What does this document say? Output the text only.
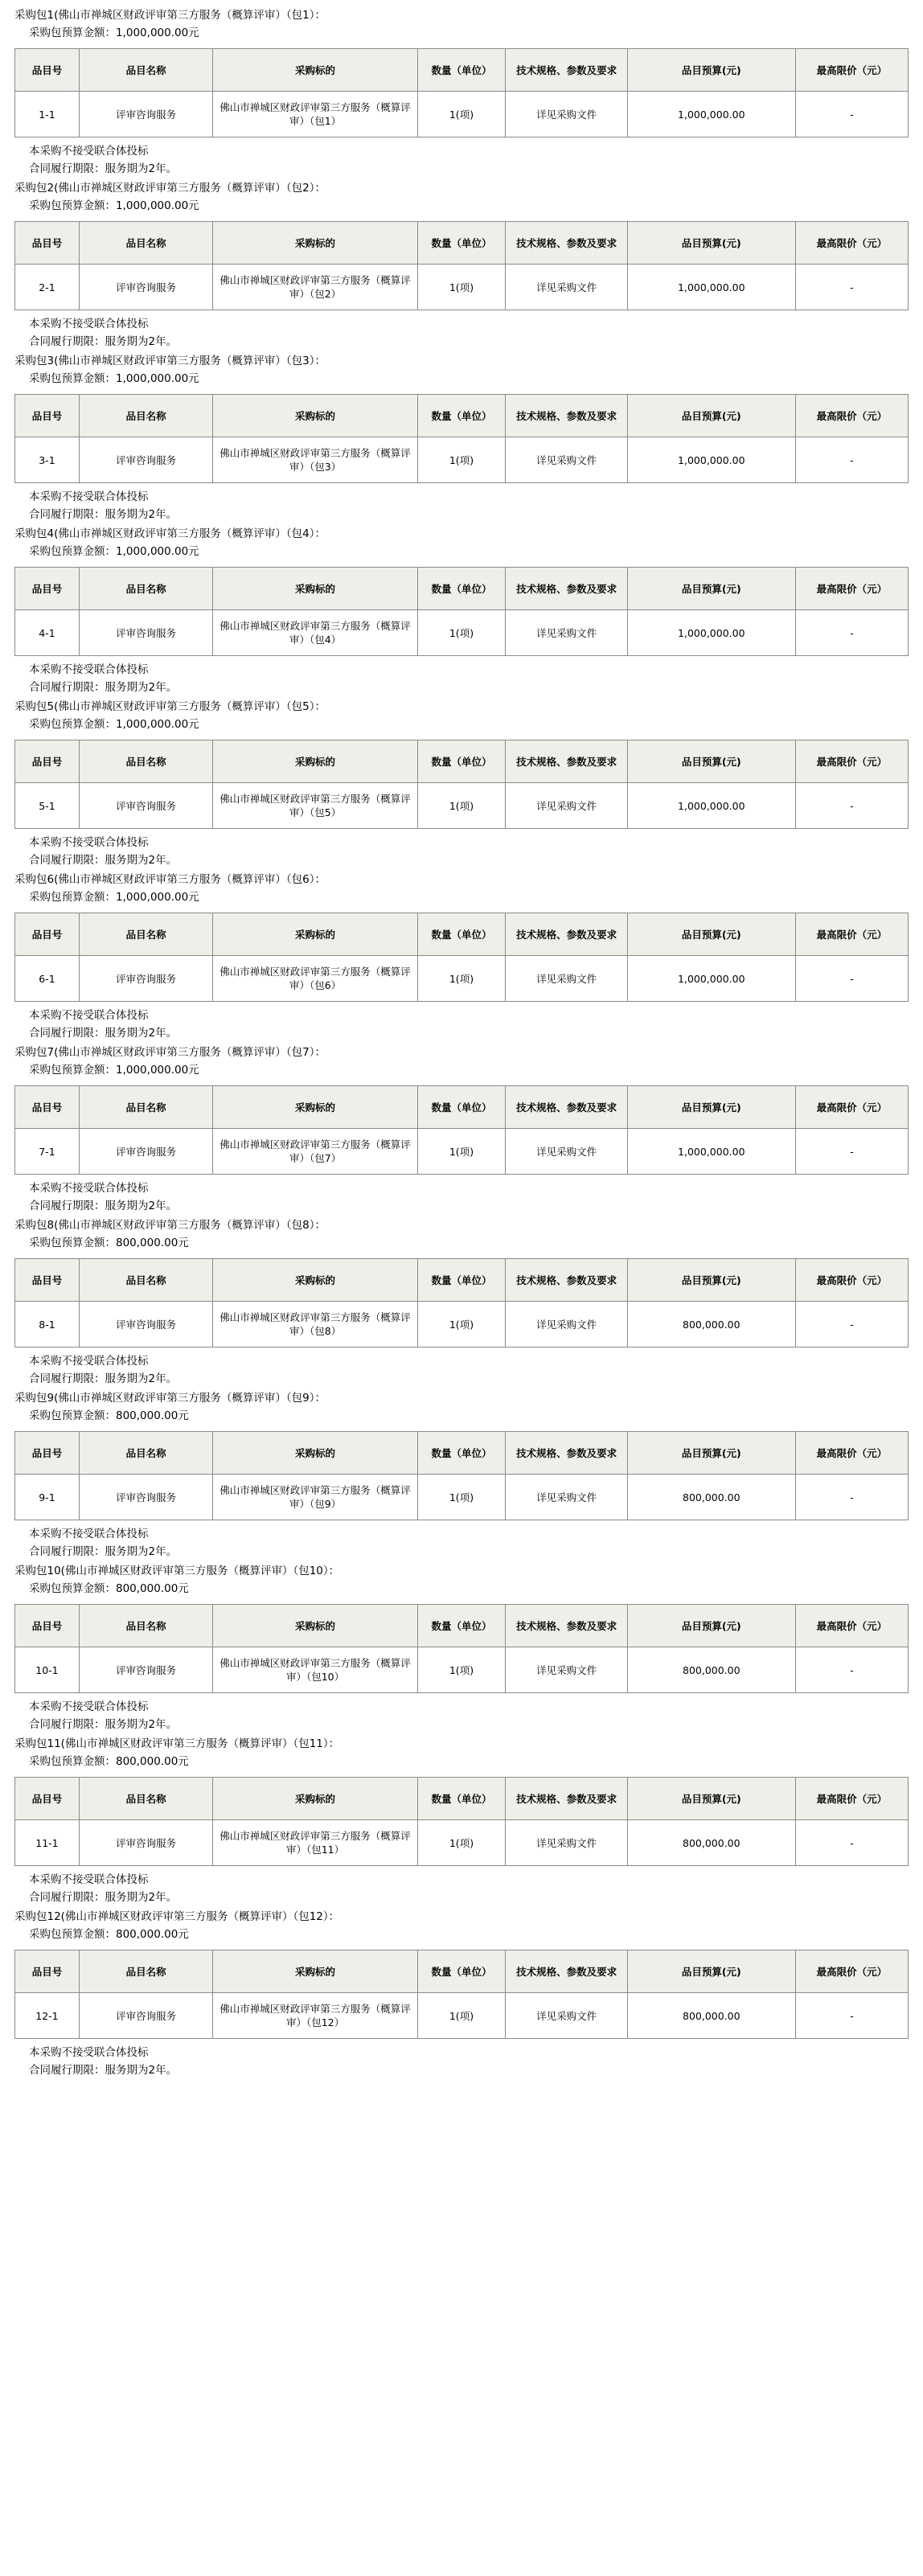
采购包1(佛山市禅城区财政评审第三方服务（概算评审）（包1）：
采购包预算金额：1,000,000.00元
品目号	品目名称	采购标的	数量（单位）	技术规格、参数及要求	品目预算(元)	最高限价（元）
1-1	评审咨询服务	佛山市禅城区财政评审第三方服务（概算评审）（包1）	1(项)	详见采购文件	1,000,000.00	-
本采购不接受联合体投标
合同履行期限：服务期为2年。
采购包2(佛山市禅城区财政评审第三方服务（概算评审）（包2）：
采购包预算金额：1,000,000.00元
品目号	品目名称	采购标的	数量（单位）	技术规格、参数及要求	品目预算(元)	最高限价（元）
2-1	评审咨询服务	佛山市禅城区财政评审第三方服务（概算评审）（包2）	1(项)	详见采购文件	1,000,000.00	-
本采购不接受联合体投标
合同履行期限：服务期为2年。
采购包3(佛山市禅城区财政评审第三方服务（概算评审）（包3）：
采购包预算金额：1,000,000.00元
品目号	品目名称	采购标的	数量（单位）	技术规格、参数及要求	品目预算(元)	最高限价（元）
3-1	评审咨询服务	佛山市禅城区财政评审第三方服务（概算评审）（包3）	1(项)	详见采购文件	1,000,000.00	-
本采购不接受联合体投标
合同履行期限：服务期为2年。
采购包4(佛山市禅城区财政评审第三方服务（概算评审）（包4）：
采购包预算金额：1,000,000.00元
品目号	品目名称	采购标的	数量（单位）	技术规格、参数及要求	品目预算(元)	最高限价（元）
4-1	评审咨询服务	佛山市禅城区财政评审第三方服务（概算评审）（包4）	1(项)	详见采购文件	1,000,000.00	-
本采购不接受联合体投标
合同履行期限：服务期为2年。
采购包5(佛山市禅城区财政评审第三方服务（概算评审）（包5）：
采购包预算金额：1,000,000.00元
品目号	品目名称	采购标的	数量（单位）	技术规格、参数及要求	品目预算(元)	最高限价（元）
5-1	评审咨询服务	佛山市禅城区财政评审第三方服务（概算评审）（包5）	1(项)	详见采购文件	1,000,000.00	-
本采购不接受联合体投标
合同履行期限：服务期为2年。
采购包6(佛山市禅城区财政评审第三方服务（概算评审）（包6）：
采购包预算金额：1,000,000.00元
品目号	品目名称	采购标的	数量（单位）	技术规格、参数及要求	品目预算(元)	最高限价（元）
6-1	评审咨询服务	佛山市禅城区财政评审第三方服务（概算评审）（包6）	1(项)	详见采购文件	1,000,000.00	-
本采购不接受联合体投标
合同履行期限：服务期为2年。
采购包7(佛山市禅城区财政评审第三方服务（概算评审）（包7）：
采购包预算金额：1,000,000.00元
品目号	品目名称	采购标的	数量（单位）	技术规格、参数及要求	品目预算(元)	最高限价（元）
7-1	评审咨询服务	佛山市禅城区财政评审第三方服务（概算评审）（包7）	1(项)	详见采购文件	1,000,000.00	-
本采购不接受联合体投标
合同履行期限：服务期为2年。
采购包8(佛山市禅城区财政评审第三方服务（概算评审）（包8）：
采购包预算金额：800,000.00元
品目号	品目名称	采购标的	数量（单位）	技术规格、参数及要求	品目预算(元)	最高限价（元）
8-1	评审咨询服务	佛山市禅城区财政评审第三方服务（概算评审）（包8）	1(项)	详见采购文件	800,000.00	-
本采购不接受联合体投标
合同履行期限：服务期为2年。
采购包9(佛山市禅城区财政评审第三方服务（概算评审）（包9）：
采购包预算金额：800,000.00元
品目号	品目名称	采购标的	数量（单位）	技术规格、参数及要求	品目预算(元)	最高限价（元）
9-1	评审咨询服务	佛山市禅城区财政评审第三方服务（概算评审）（包9）	1(项)	详见采购文件	800,000.00	-
本采购不接受联合体投标
合同履行期限：服务期为2年。
采购包10(佛山市禅城区财政评审第三方服务（概算评审）（包10）：
采购包预算金额：800,000.00元
品目号	品目名称	采购标的	数量（单位）	技术规格、参数及要求	品目预算(元)	最高限价（元）
10-1	评审咨询服务	佛山市禅城区财政评审第三方服务（概算评审）（包10）	1(项)	详见采购文件	800,000.00	-
本采购不接受联合体投标
合同履行期限：服务期为2年。
采购包11(佛山市禅城区财政评审第三方服务（概算评审）（包11）：
采购包预算金额：800,000.00元
品目号	品目名称	采购标的	数量（单位）	技术规格、参数及要求	品目预算(元)	最高限价（元）
11-1	评审咨询服务	佛山市禅城区财政评审第三方服务（概算评审）（包11）	1(项)	详见采购文件	800,000.00	-
本采购不接受联合体投标
合同履行期限：服务期为2年。
采购包12(佛山市禅城区财政评审第三方服务（概算评审）（包12）：
采购包预算金额：800,000.00元
品目号	品目名称	采购标的	数量（单位）	技术规格、参数及要求	品目预算(元)	最高限价（元）
12-1	评审咨询服务	佛山市禅城区财政评审第三方服务（概算评审）（包12）	1(项)	详见采购文件	800,000.00	-
本采购不接受联合体投标
合同履行期限：服务期为2年。
